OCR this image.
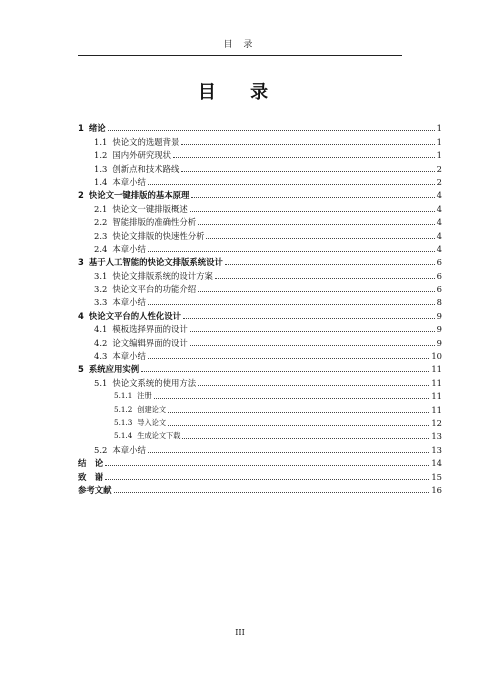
目 录
目 录
1 绪论	1
1.1 快论文的选题背景	1
1.2 国内外研究现状	1
1.3 创新点和技术路线	2
1.4 本章小结	2
2 快论文一键排版的基本原理	4
2.1 快论文一键排版概述	4
2.2 智能排版的准确性分析	4
2.3 快论文排版的快速性分析	4
2.4 本章小结	4
3 基于人工智能的快论文排版系统设计	6
3.1 快论文排版系统的设计方案	6
3.2 快论文平台的功能介绍	6
3.3 本章小结	8
4 快论文平台的人性化设计	9
4.1 模板选择界面的设计	9
4.2 论文编辑界面的设计	9
4.3 本章小结	10
5 系统应用实例	11
5.1 快论文系统的使用方法	11
5.1.1 注册	11
5.1.2 创建论文	11
5.1.3 导入论文	12
5.1.4 生成论文下载	13
5.2 本章小结	13
结　论	14
致　谢	15
参考文献	16
III
